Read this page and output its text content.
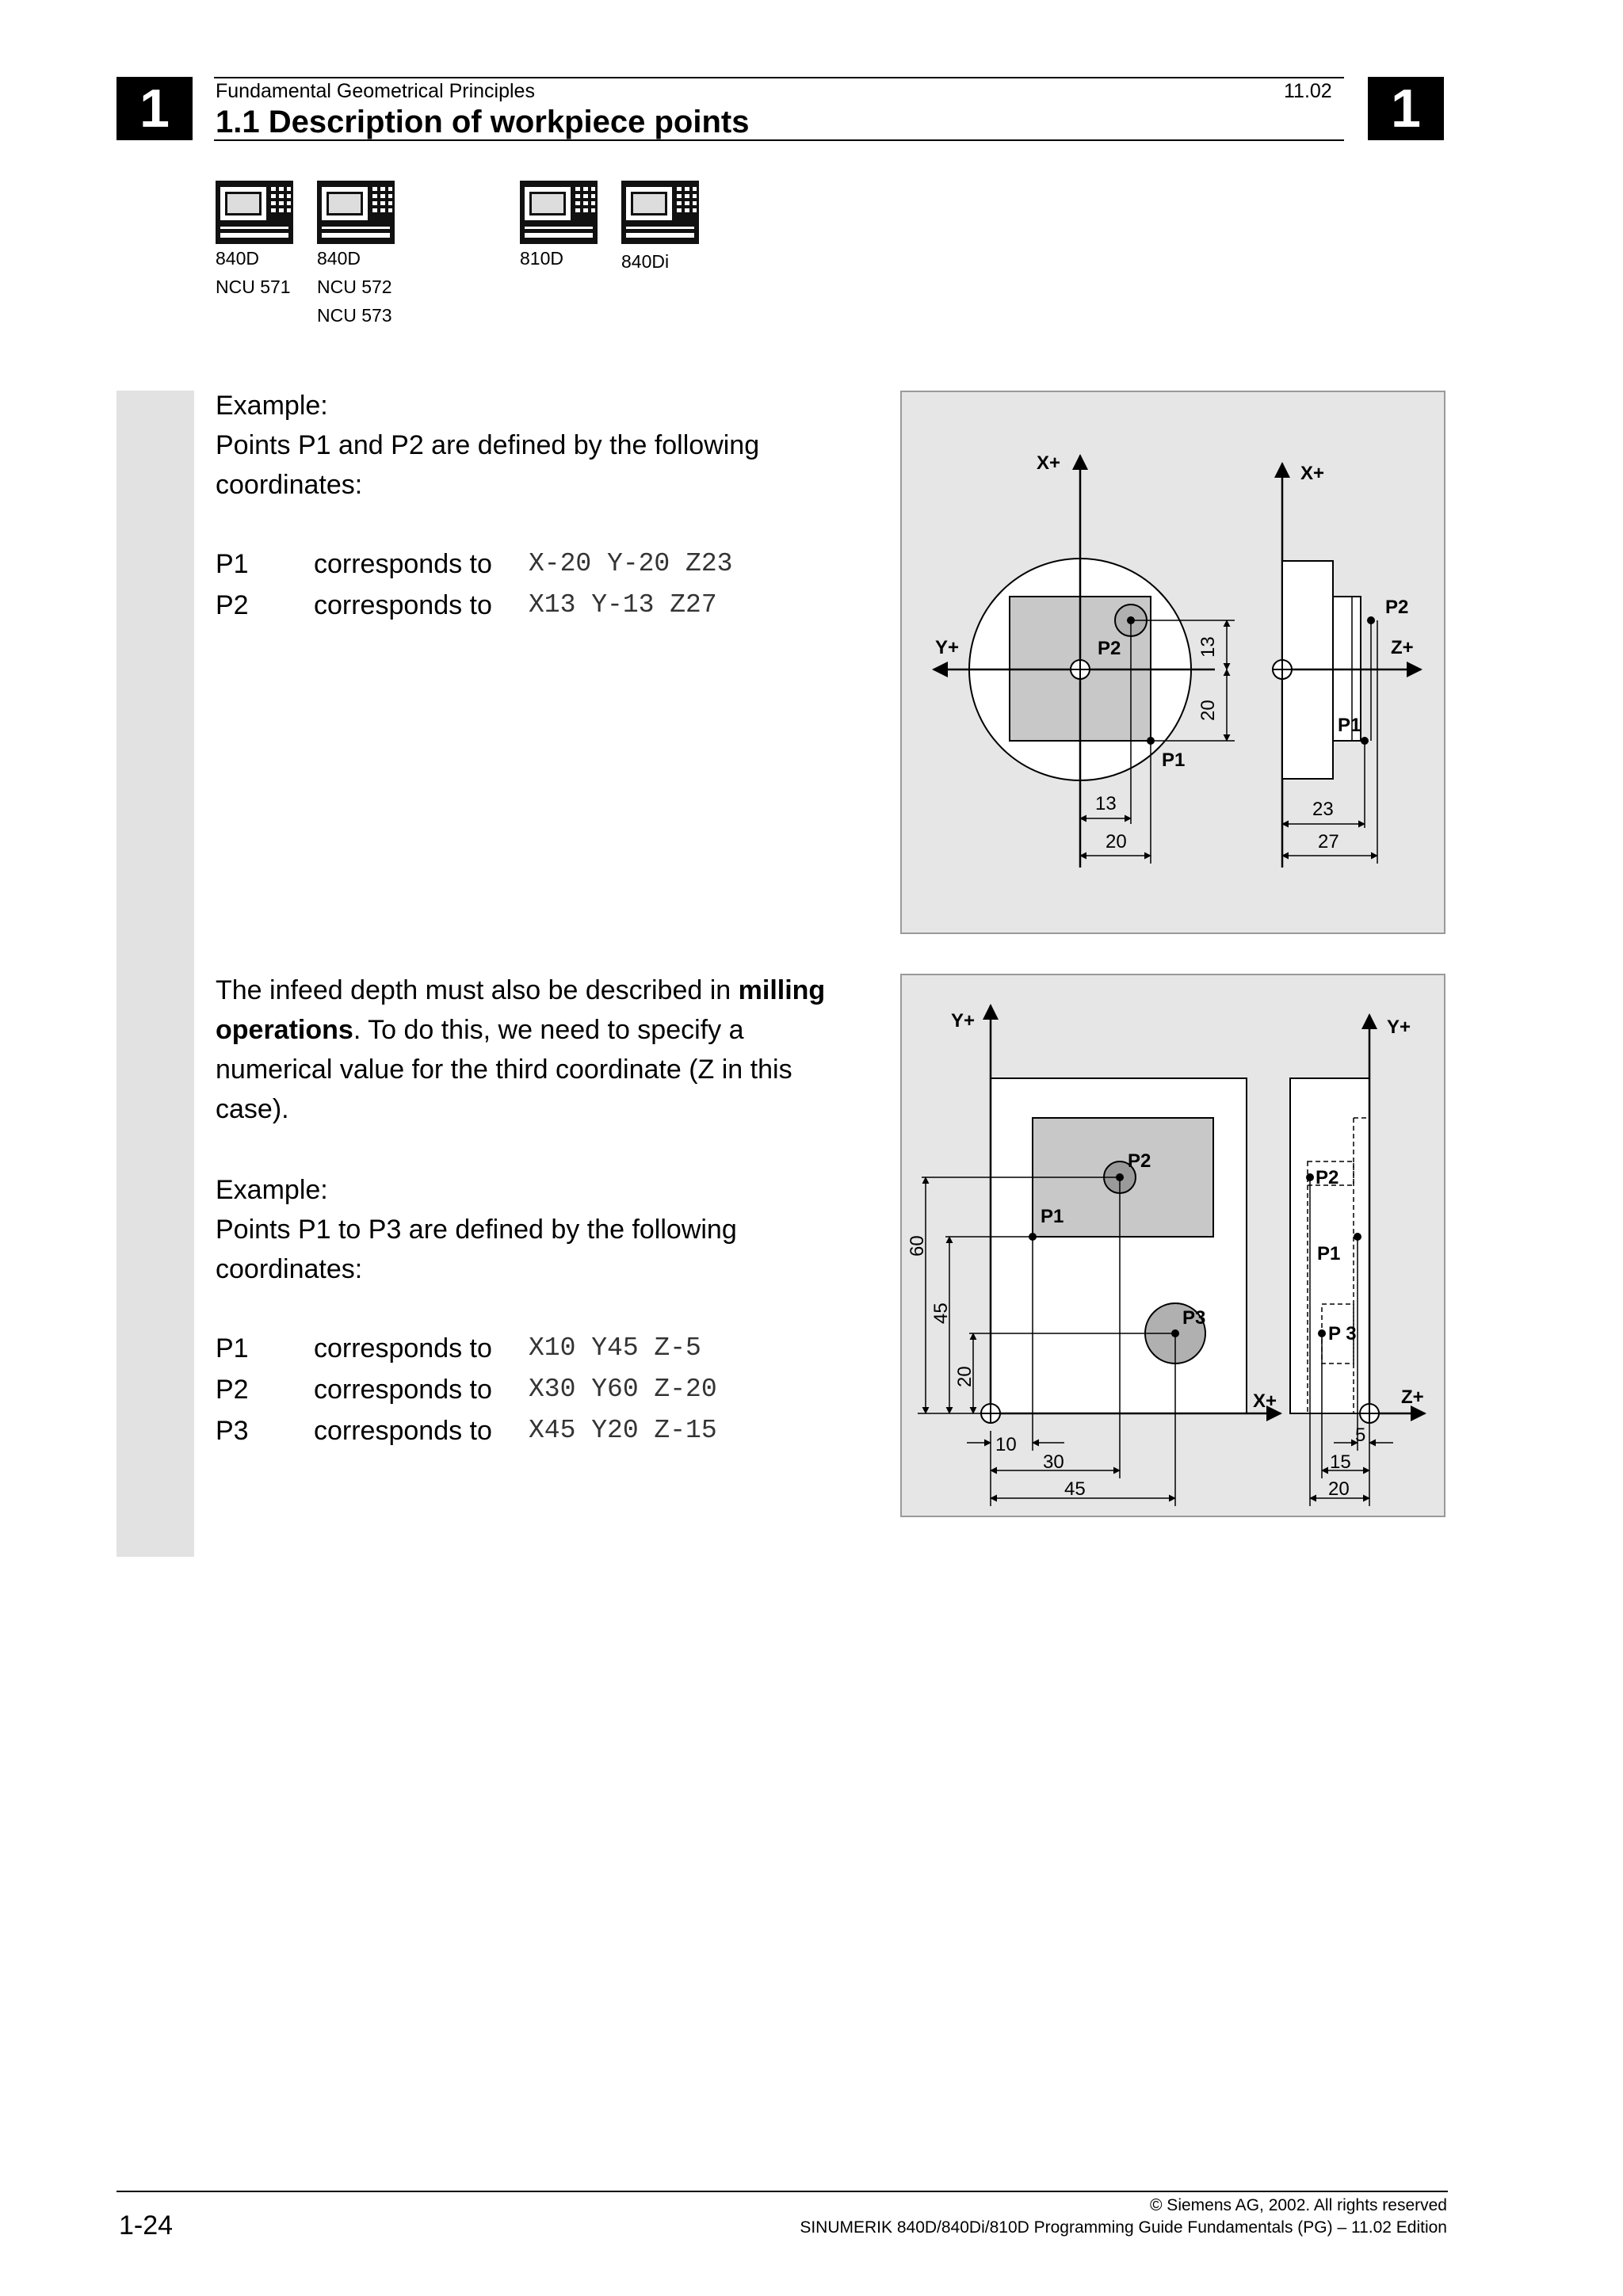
1	1
Fundamental Geometrical Principles	11.02
1.1 Description of workpiece points
840D
NCU 571
840D
NCU 572
NCU 573
810D	840Di
Example:
Points P1 and P2 are defined by the following
coordinates:
P1 corresponds to X-20 Y-20 Z23
P2 corresponds to X13 Y-13 Z27
X+	X+
Y+	Z+
P2
P1
P2
P1
13
20
13
20
23
27
The infeed depth must also be described in milling
operations. To do this, we need to specify a
numerical value for the third coordinate (Z in this
case).
Example:
Points P1 to P3 are defined by the following
coordinates:
P1 corresponds to X10 Y45 Z-5
P2 corresponds to X30 Y60 Z-20
P3 corresponds to X45 Y20 Z-15
Y+	Y+
X+	Z+
P2
P1
P3
P2
P1
P 3
60
45
20
10
30
45
5
15
20
1-24
© Siemens AG, 2002. All rights reserved
SINUMERIK 840D/840Di/810D Programming Guide Fundamentals (PG) – 11.02 Edition
